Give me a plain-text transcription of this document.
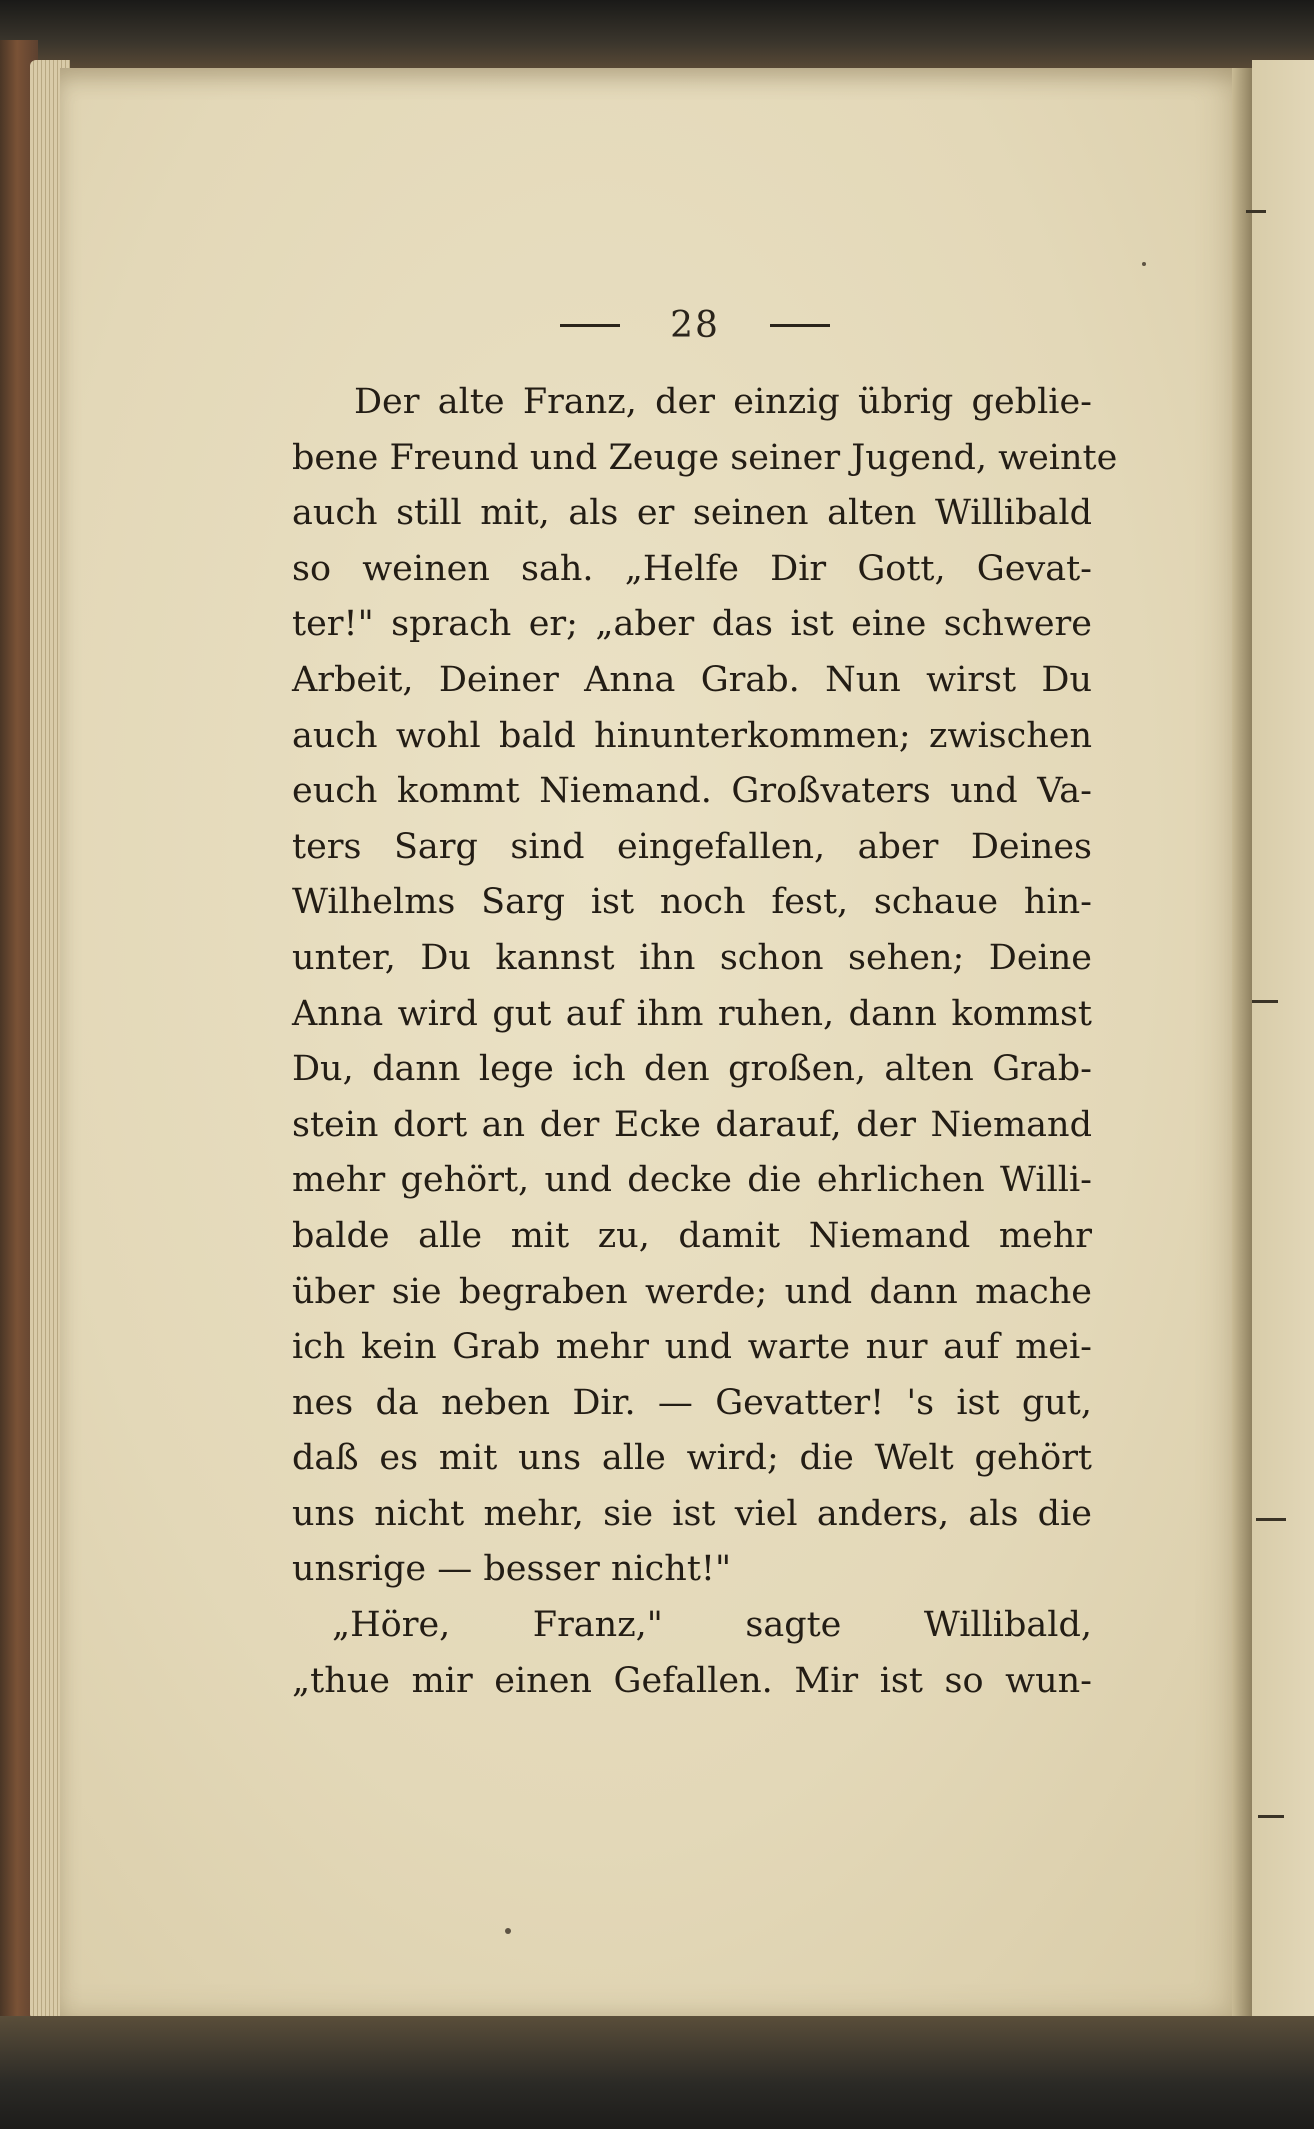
28
Der alte Franz, der einzig übrig geblie-
bene Freund und Zeuge seiner Jugend, weinte
auch still mit, als er seinen alten Willibald
so weinen sah. „Helfe Dir Gott, Gevat-
ter!" sprach er; „aber das ist eine schwere
Arbeit, Deiner Anna Grab. Nun wirst Du
auch wohl bald hinunterkommen; zwischen
euch kommt Niemand. Großvaters und Va-
ters Sarg sind eingefallen, aber Deines
Wilhelms Sarg ist noch fest, schaue hin-
unter, Du kannst ihn schon sehen; Deine
Anna wird gut auf ihm ruhen, dann kommst
Du, dann lege ich den großen, alten Grab-
stein dort an der Ecke darauf, der Niemand
mehr gehört, und decke die ehrlichen Willi-
balde alle mit zu, damit Niemand mehr
über sie begraben werde; und dann mache
ich kein Grab mehr und warte nur auf mei-
nes da neben Dir. — Gevatter! 's ist gut,
daß es mit uns alle wird; die Welt gehört
uns nicht mehr, sie ist viel anders, als die
unsrige — besser nicht!"
„Höre, Franz," sagte Willibald,
„thue mir einen Gefallen. Mir ist so wun-
